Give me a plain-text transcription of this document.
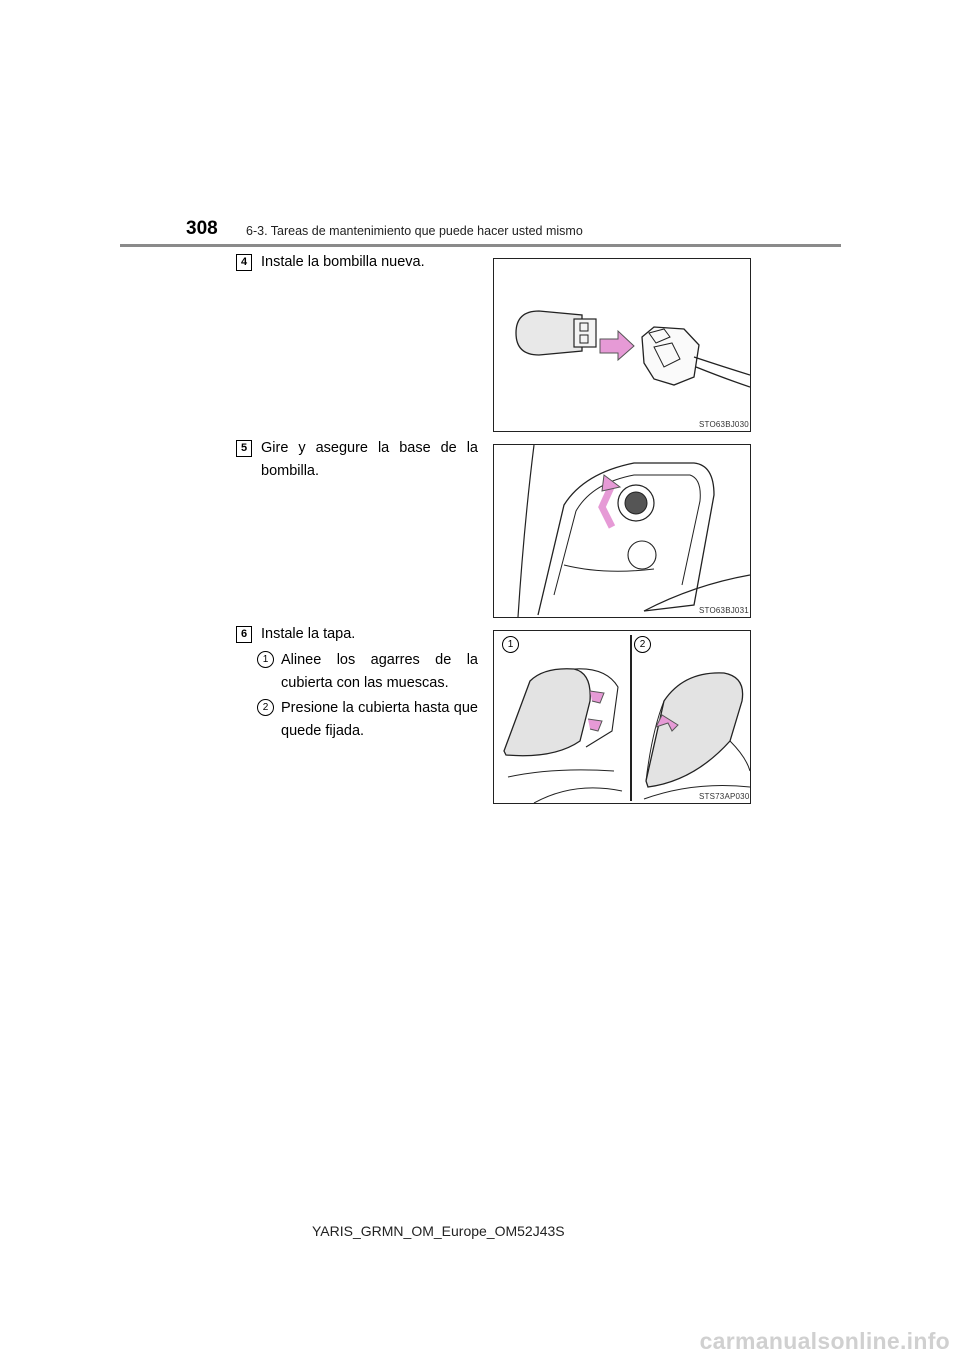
308 6-3. Tareas de mantenimiento que puede hacer usted mismo
4 Instale la bombilla nueva.
STO63BJ030
5 Gire y asegure la base de la bombilla.
STO63BJ031
6 Instale la tapa.
1 Alinee los agarres de la cubierta con las muescas.
2 Presione la cubierta hasta que quede fijada.
1	2
STS73AP030
YARIS_GRMN_OM_Europe_OM52J43S
carmanualsonline.info
